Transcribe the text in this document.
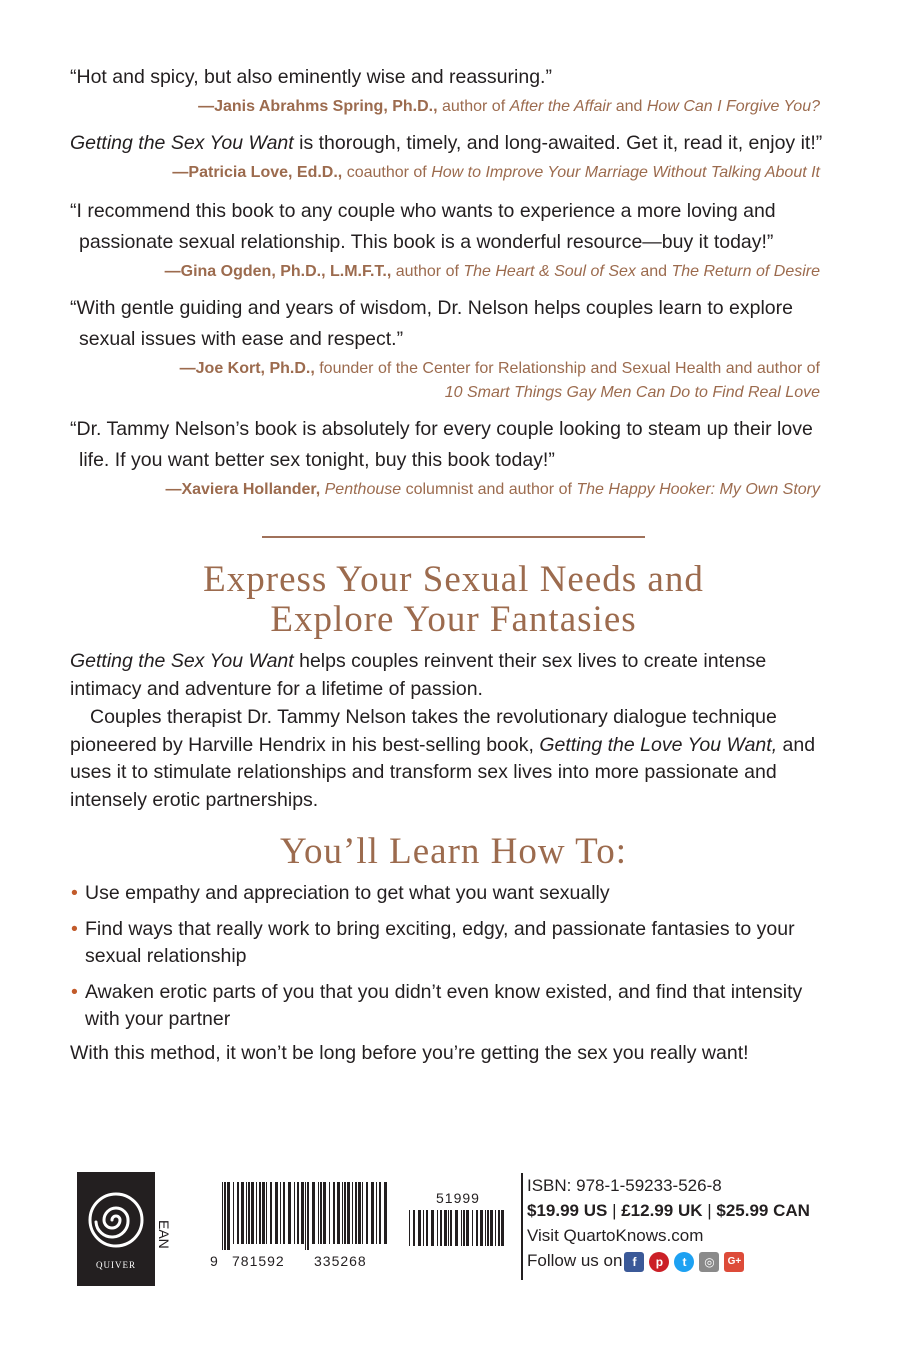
“Hot and spicy, but also eminently wise and reassuring.”
—Janis Abrahms Spring, Ph.D., author of After the Affair and How Can I Forgive You?
Getting the Sex You Want is thorough, timely, and long-awaited. Get it, read it, enjoy it!”
—Patricia Love, Ed.D., coauthor of How to Improve Your Marriage Without Talking About It
“I recommend this book to any couple who wants to experience a more loving and passionate sexual relationship. This book is a wonderful resource—buy it today!”
—Gina Ogden, Ph.D., L.M.F.T., author of The Heart & Soul of Sex and The Return of Desire
“With gentle guiding and years of wisdom, Dr. Nelson helps couples learn to explore sexual issues with ease and respect.”
—Joe Kort, Ph.D., founder of the Center for Relationship and Sexual Health and author of
10 Smart Things Gay Men Can Do to Find Real Love
“Dr. Tammy Nelson’s book is absolutely for every couple looking to steam up their love life. If you want better sex tonight, buy this book today!”
—Xaviera Hollander, Penthouse columnist and author of The Happy Hooker: My Own Story
Express Your Sexual Needs and
Explore Your Fantasies
Getting the Sex You Want helps couples reinvent their sex lives to create intense intimacy and adventure for a lifetime of passion.
Couples therapist Dr. Tammy Nelson takes the revolutionary dialogue technique pioneered by Harville Hendrix in his best-selling book, Getting the Love You Want, and uses it to stimulate relationships and transform sex lives into more passionate and intensely erotic partnerships.
You’ll Learn How To:
• Use empathy and appreciation to get what you want sexually
• Find ways that really work to bring exciting, edgy, and passionate fantasies to your sexual relationship
• Awaken erotic parts of you that you didn’t even know existed, and find that intensity with your partner
With this method, it won’t be long before you’re getting the sex you really want!
QUIVER
EAN
9 781592 335268
51999
ISBN: 978-1-59233-526-8
$19.99 US | £12.99 UK | $25.99 CAN
Visit QuartoKnows.com
Follow us on f	p	t	◎	G+
